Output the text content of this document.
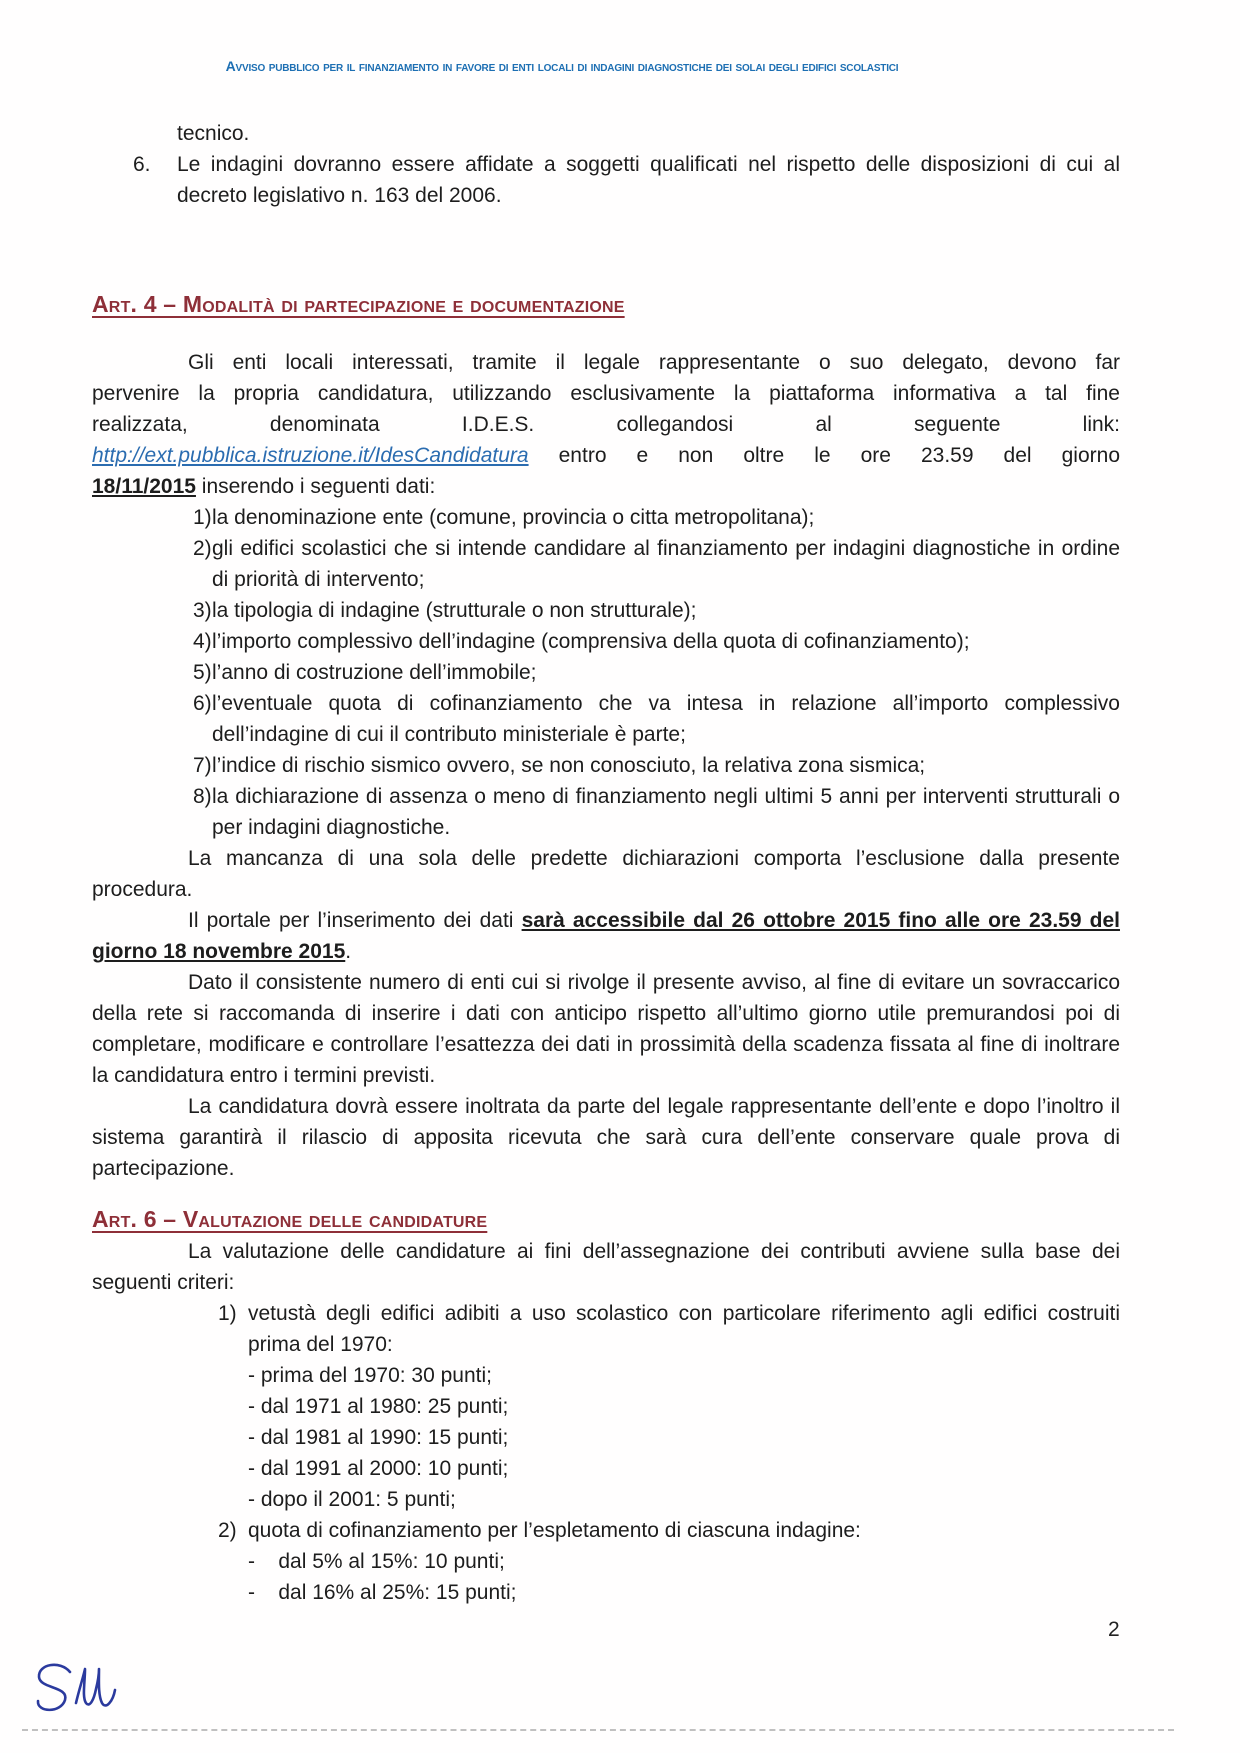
Avviso pubblico per il finanziamento in favore di enti locali di indagini diagnostiche dei solai degli edifici scolastici
tecnico.
6.	Le indagini dovranno essere affidate a soggetti qualificati nel rispetto delle disposizioni di cui al decreto legislativo n. 163 del 2006.
Art. 4 – Modalità di partecipazione e documentazione
Gli enti locali interessati, tramite il legale rappresentante o suo delegato, devono far
pervenire la propria candidatura, utilizzando esclusivamente la piattaforma informativa a tal fine
realizzata, denominata I.D.E.S. collegandosi al seguente link:
http://ext.pubblica.istruzione.it/IdesCandidatura entro e non oltre le ore 23.59 del giorno
18/11/2015 inserendo i seguenti dati:
1) la denominazione ente (comune, provincia o citta metropolitana);
2) gli edifici scolastici che si intende candidare al finanziamento per indagini diagnostiche in ordine di priorità di intervento;
3) la tipologia di indagine (strutturale o non strutturale);
4) l’importo complessivo dell’indagine (comprensiva della quota di cofinanziamento);
5) l’anno di costruzione dell’immobile;
6) l’eventuale quota di cofinanziamento che va intesa in relazione all’importo complessivo dell’indagine di cui il contributo ministeriale è parte;
7) l’indice di rischio sismico ovvero, se non conosciuto, la relativa zona sismica;
8) la dichiarazione di assenza o meno di finanziamento negli ultimi 5 anni per interventi strutturali o per indagini diagnostiche.

La mancanza di una sola delle predette dichiarazioni comporta l’esclusione dalla presente procedura.

Il portale per l’inserimento dei dati sarà accessibile dal 26 ottobre 2015 fino alle ore 23.59 del giorno 18 novembre 2015.

Dato il consistente numero di enti cui si rivolge il presente avviso, al fine di evitare un sovraccarico della rete si raccomanda di inserire i dati con anticipo rispetto all’ultimo giorno utile premurandosi poi di completare, modificare e controllare l’esattezza dei dati in prossimità della scadenza fissata al fine di inoltrare la candidatura entro i termini previsti.

La candidatura dovrà essere inoltrata da parte del legale rappresentante dell’ente e dopo l’inoltro il sistema garantirà il rilascio di apposita ricevuta che sarà cura dell’ente conservare quale prova di partecipazione.

Art. 6 – Valutazione delle candidature

La valutazione delle candidature ai fini dell’assegnazione dei contributi avviene sulla base dei seguenti criteri:

1) vetustà degli edifici adibiti a uso scolastico con particolare riferimento agli edifici costruiti prima del 1970:
- prima del 1970: 30 punti;
- dal 1971 al 1980: 25 punti;
- dal 1981 al 1990: 15 punti;
- dal 1991 al 2000: 10 punti;
- dopo il 2001: 5 punti;
2) quota di cofinanziamento per l’espletamento di ciascuna indagine:
-    dal 5% al 15%: 10 punti;
-    dal 16% al 25%: 15 punti;
2
